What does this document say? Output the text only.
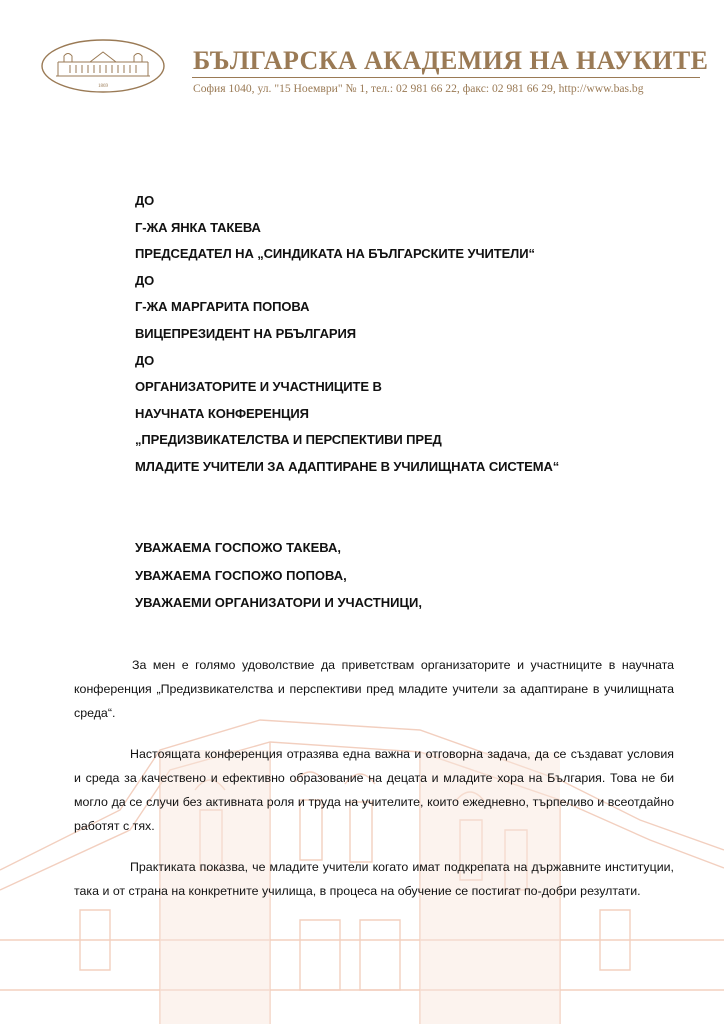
1869
БЪЛГАРСКА АКАДЕМИЯ НА НАУКИТЕ
София 1040, ул. "15 Ноември" № 1, тел.: 02 981 66 22, факс: 02 981 66 29, http://www.bas.bg
ДО
Г-ЖА ЯНКА ТАКЕВА
ПРЕДСЕДАТЕЛ НА „СИНДИКАТА НА БЪЛГАРСКИТЕ УЧИТЕЛИ“
ДО
Г-ЖА МАРГАРИТА ПОПОВА
ВИЦЕПРЕЗИДЕНТ НА РБЪЛГАРИЯ
ДО
ОРГАНИЗАТОРИТЕ И УЧАСТНИЦИТЕ В
НАУЧНАТА КОНФЕРЕНЦИЯ
„ПРЕДИЗВИКАТЕЛСТВА И ПЕРСПЕКТИВИ ПРЕД
МЛАДИТЕ УЧИТЕЛИ ЗА АДАПТИРАНЕ В УЧИЛИЩНАТА СИСТЕМА“
УВАЖАЕМА ГОСПОЖО ТАКЕВА,
УВАЖАЕМА ГОСПОЖО ПОПОВА,
УВАЖАЕМИ ОРГАНИЗАТОРИ И УЧАСТНИЦИ,

За мен е голямо удоволствие да приветствам организаторите и участниците в научната конференция „Предизвикателства и перспективи пред младите учители за адаптиране в училищната среда“.

Настоящата конференция отразява една важна и отговорна задача, да се създават условия и среда за качествено и ефективно образование на децата и младите хора на България. Това не би могло да се случи без активната роля и труда на учителите, които ежедневно, търпеливо и всеотдайно работят с тях.

Практиката показва, че младите учители когато имат подкрепата на държавните институции, така и от страна на конкретните училища, в процеса на обучение се постигат по-добри резултати.
